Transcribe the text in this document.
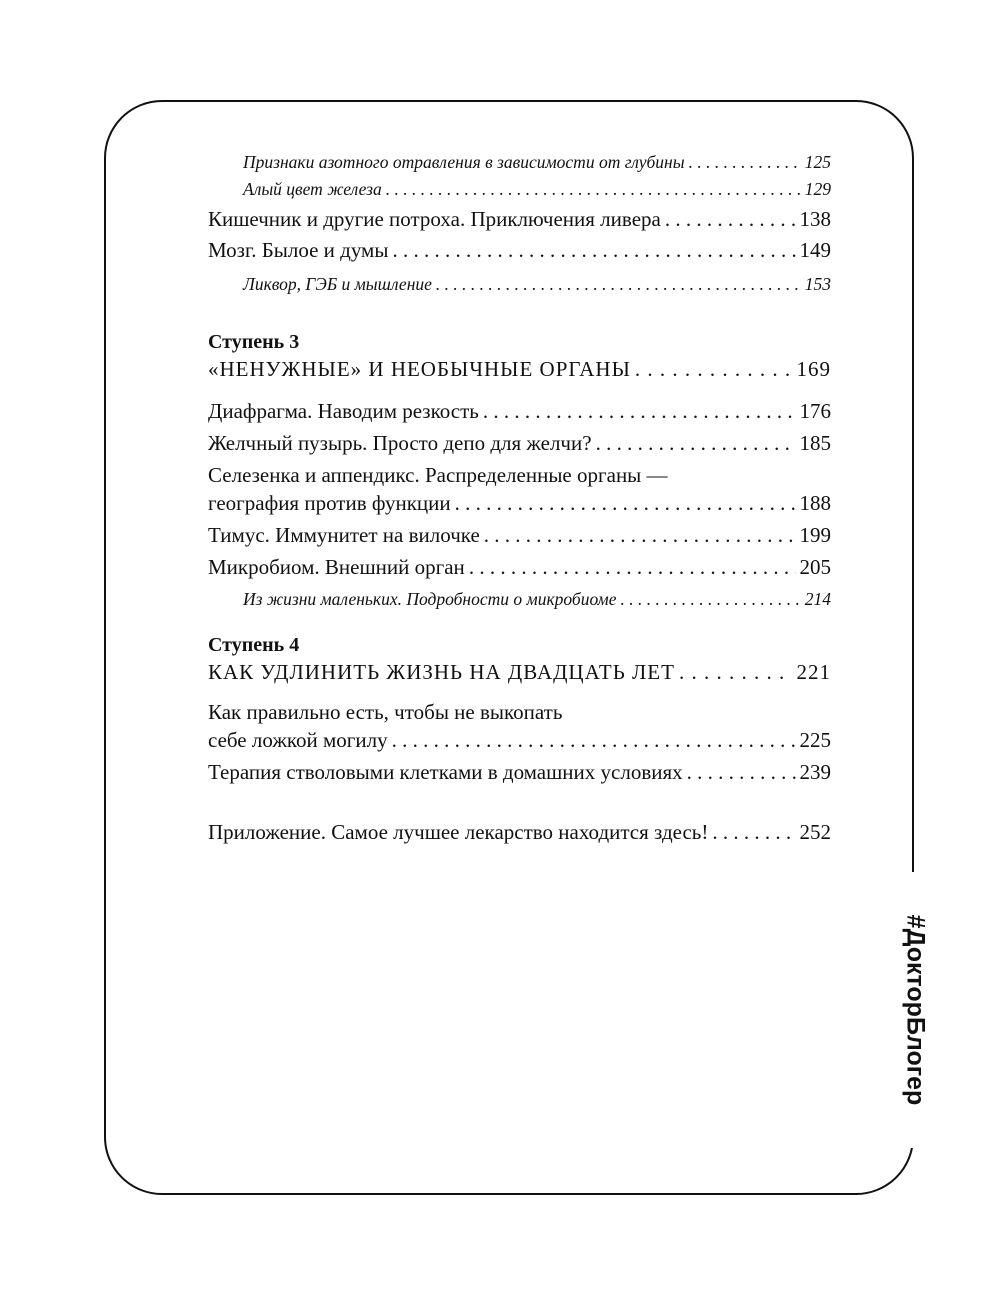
#ДокторБлогер
Признаки азотного отравления в зависимости от глубины . . .	125
Алый цвет железа . . .	129
Кишечник и другие потроха. Приключения ливера . . .	138
Мозг. Былое и думы . . .	149
Ликвор, ГЭБ и мышление . . .	153
Ступень 3
«НЕНУЖНЫЕ» И НЕОБЫЧНЫЕ ОРГАНЫ . . .	169
Диафрагма. Наводим резкость . . .	176
Желчный пузырь. Просто депо для желчи? . . .	185
Селезенка и аппендикс. Распределенные органы —
география против функции . . .	188
Тимус. Иммунитет на вилочке . . .	199
Микробиом. Внешний орган . . .	205
Из жизни маленьких. Подробности о микробиоме . . .	214
Ступень 4
КАК УДЛИНИТЬ ЖИЗНЬ НА ДВАДЦАТЬ ЛЕТ . . .	221
Как правильно есть, чтобы не выкопать
себе ложкой могилу . . .	225
Терапия стволовыми клетками в домашних условиях . . .	239
Приложение. Самое лучшее лекарство находится здесь! . . .	252
